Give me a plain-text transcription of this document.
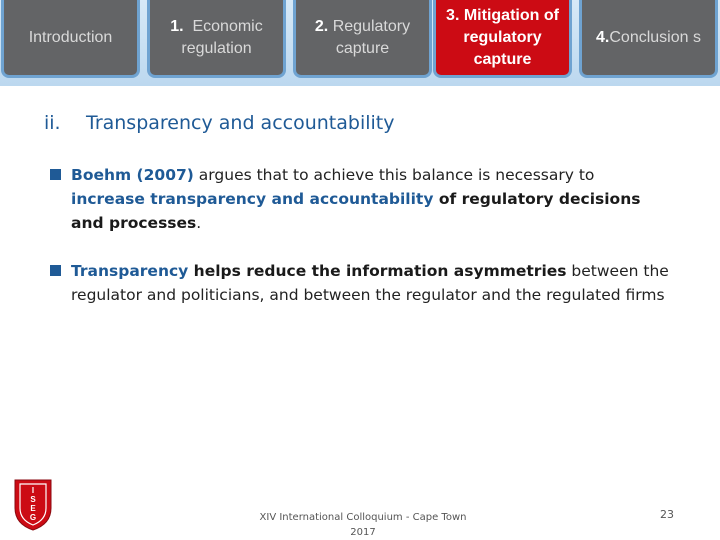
Introduction
1. Economic regulation
2. Regulatory capture
3. Mitigation of regulatory capture
4.Conclusion s
ii. Transparency and accountability
Boehm (2007) argues that to achieve this balance is necessary to increase transparency and accountability of regulatory decisions and processes.
Transparency helps reduce the information asymmetries between the regulator and politicians, and between the regulator and the regulated firms
I
S
E
G	XIV International Colloquium - Cape Town
2017
23
